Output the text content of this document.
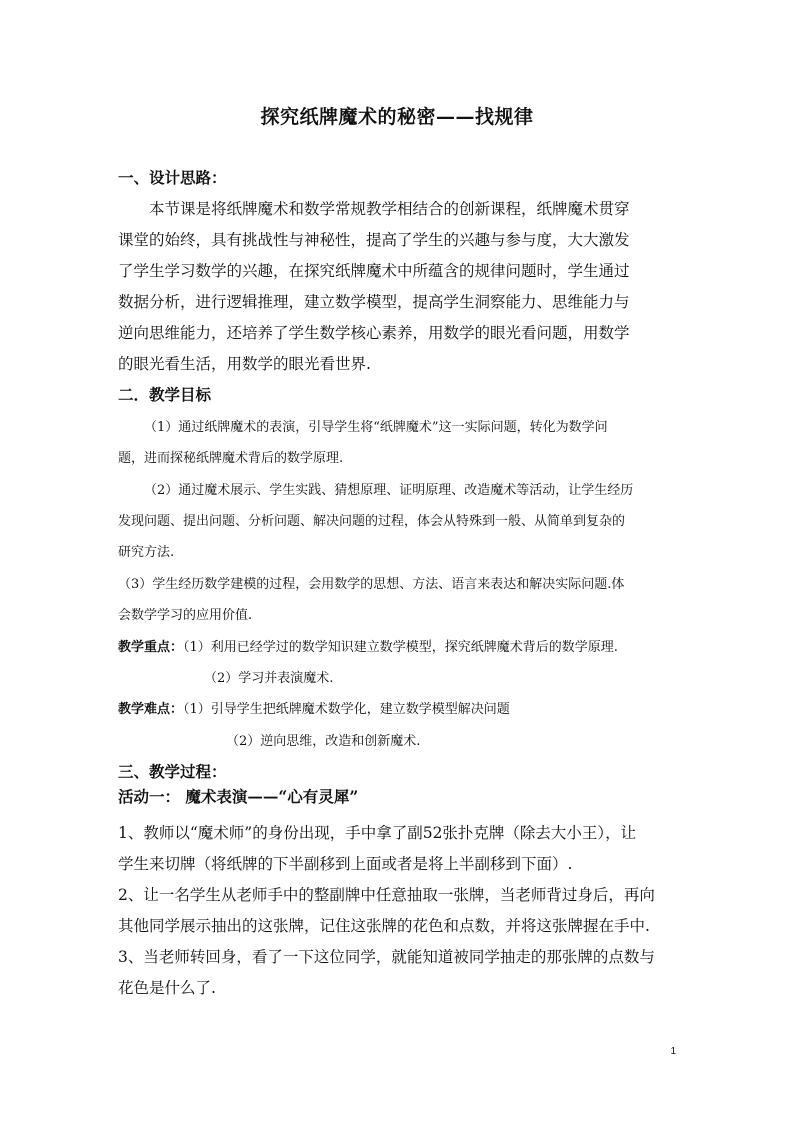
探究纸牌魔术的秘密——找规律
一、设计思路：
本节课是将纸牌魔术和数学常规教学相结合的创新课程，纸牌魔术贯穿
课堂的始终，具有挑战性与神秘性，提高了学生的兴趣与参与度，大大激发
了学生学习数学的兴趣，在探究纸牌魔术中所蕴含的规律问题时，学生通过
数据分析，进行逻辑推理，建立数学模型，提高学生洞察能力、思维能力与
逆向思维能力，还培养了学生数学核心素养，用数学的眼光看问题，用数学
的眼光看生活，用数学的眼光看世界.
二．教学目标
（1）通过纸牌魔术的表演，引导学生将“纸牌魔术”这一实际问题，转化为数学问
题，进而探秘纸牌魔术背后的数学原理.
（2）通过魔术展示、学生实践、猜想原理、证明原理、改造魔术等活动，让学生经历
发现问题、提出问题、分析问题、解决问题的过程，体会从特殊到一般、从简单到复杂的
研究方法.
（3）学生经历数学建模的过程，会用数学的思想、方法、语言来表达和解决实际问题.体
会数学学习的应用价值.
教学重点：（1）利用已经学过的数学知识建立数学模型，探究纸牌魔术背后的数学原理.
（2）学习并表演魔术.
教学难点：（1）引导学生把纸牌魔术数学化，建立数学模型解决问题
（2）逆向思维，改造和创新魔术.
三、教学过程：
活动一： 魔术表演——“心有灵犀”
1、教师以“魔术师”的身份出现，手中拿了副52张扑克牌（除去大小王），让
学生来切牌（将纸牌的下半副移到上面或者是将上半副移到下面）.
2、让一名学生从老师手中的整副牌中任意抽取一张牌，当老师背过身后，再向
其他同学展示抽出的这张牌，记住这张牌的花色和点数，并将这张牌握在手中.
3、当老师转回身，看了一下这位同学，就能知道被同学抽走的那张牌的点数与
花色是什么了.
1
